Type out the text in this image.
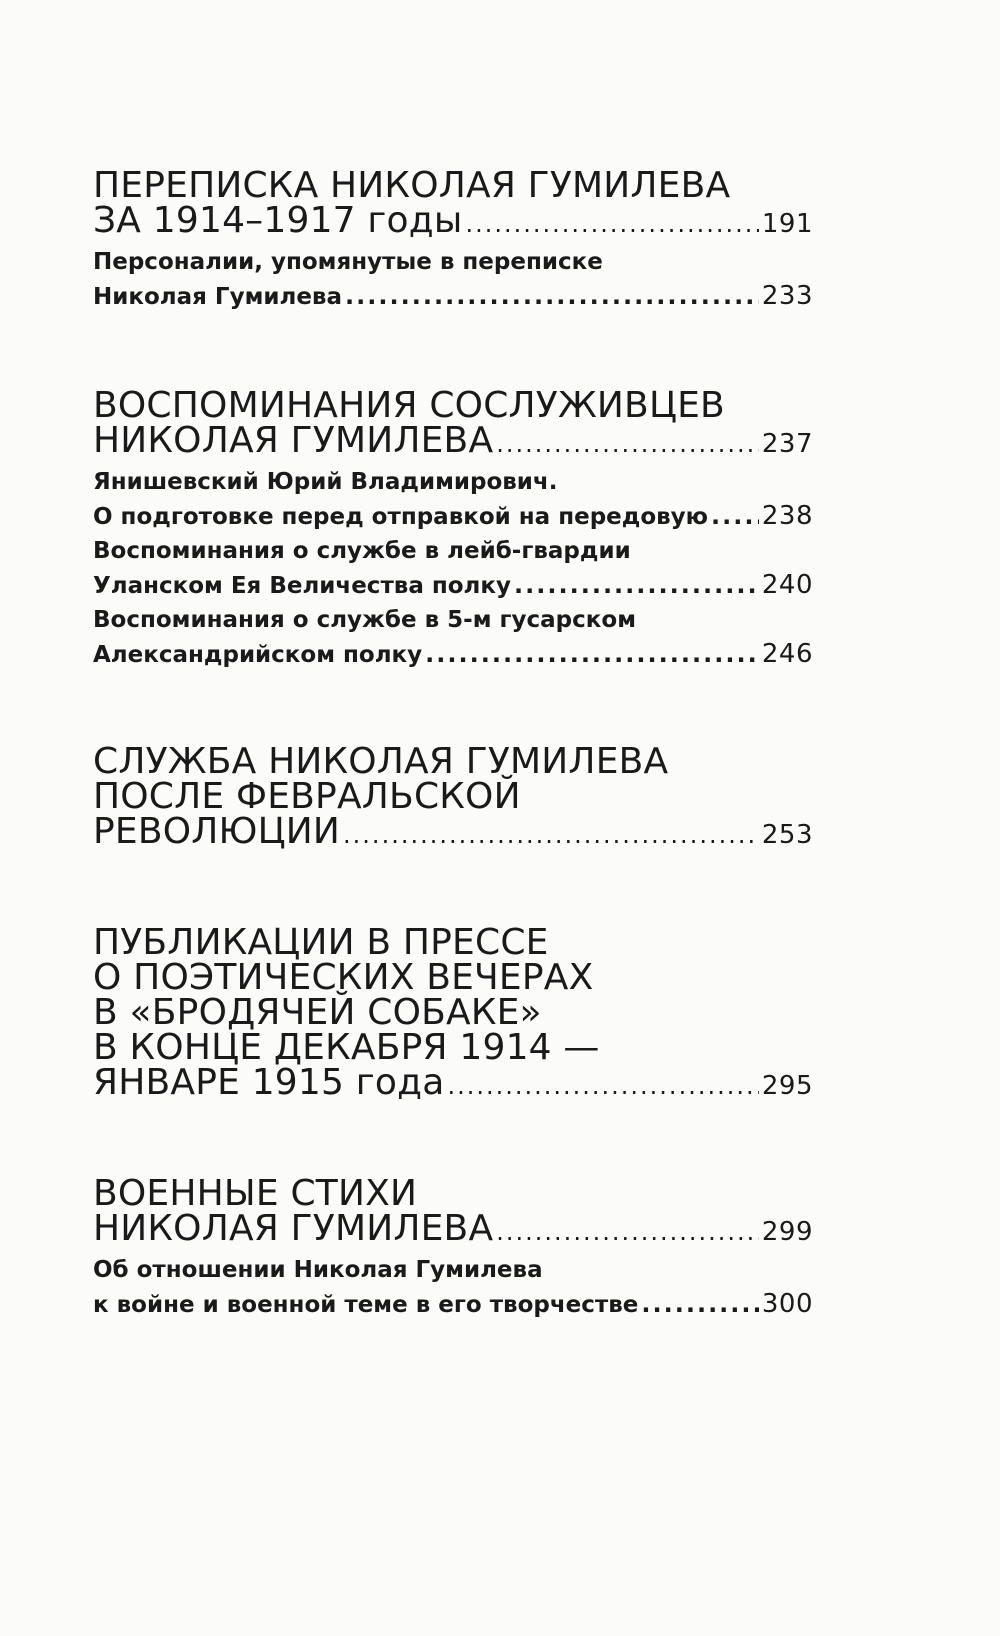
ПЕРЕПИСКА НИКОЛАЯ ГУМИЛЕВА
ЗА 1914–1917 годы .....	191
Персоналии, упомянутые в переписке
Николая Гумилева .....	233
ВОСПОМИНАНИЯ СОСЛУЖИВЦЕВ
НИКОЛАЯ ГУМИЛЕВА .....	237
Янишевский Юрий Владимирович.
О подготовке перед отправкой на передовую ..... 238
Воспоминания о службе в лейб-гвардии
Уланском Ея Величества полку .....	240
Воспоминания о службе в 5-м гусарском
Александрийском полку .....	246
СЛУЖБА НИКОЛАЯ ГУМИЛЕВА
ПОСЛЕ ФЕВРАЛЬСКОЙ
РЕВОЛЮЦИИ .....	253
ПУБЛИКАЦИИ В ПРЕССЕ
О ПОЭТИЧЕСКИХ ВЕЧЕРАХ
В «БРОДЯЧЕЙ СОБАКЕ»
В КОНЦЕ ДЕКАБРЯ 1914 —
ЯНВАРЕ 1915 года .....	295
ВОЕННЫЕ СТИХИ
НИКОЛАЯ ГУМИЛЕВА .....	299
Об отношении Николая Гумилева
к войне и военной теме в его творчестве .....	300
